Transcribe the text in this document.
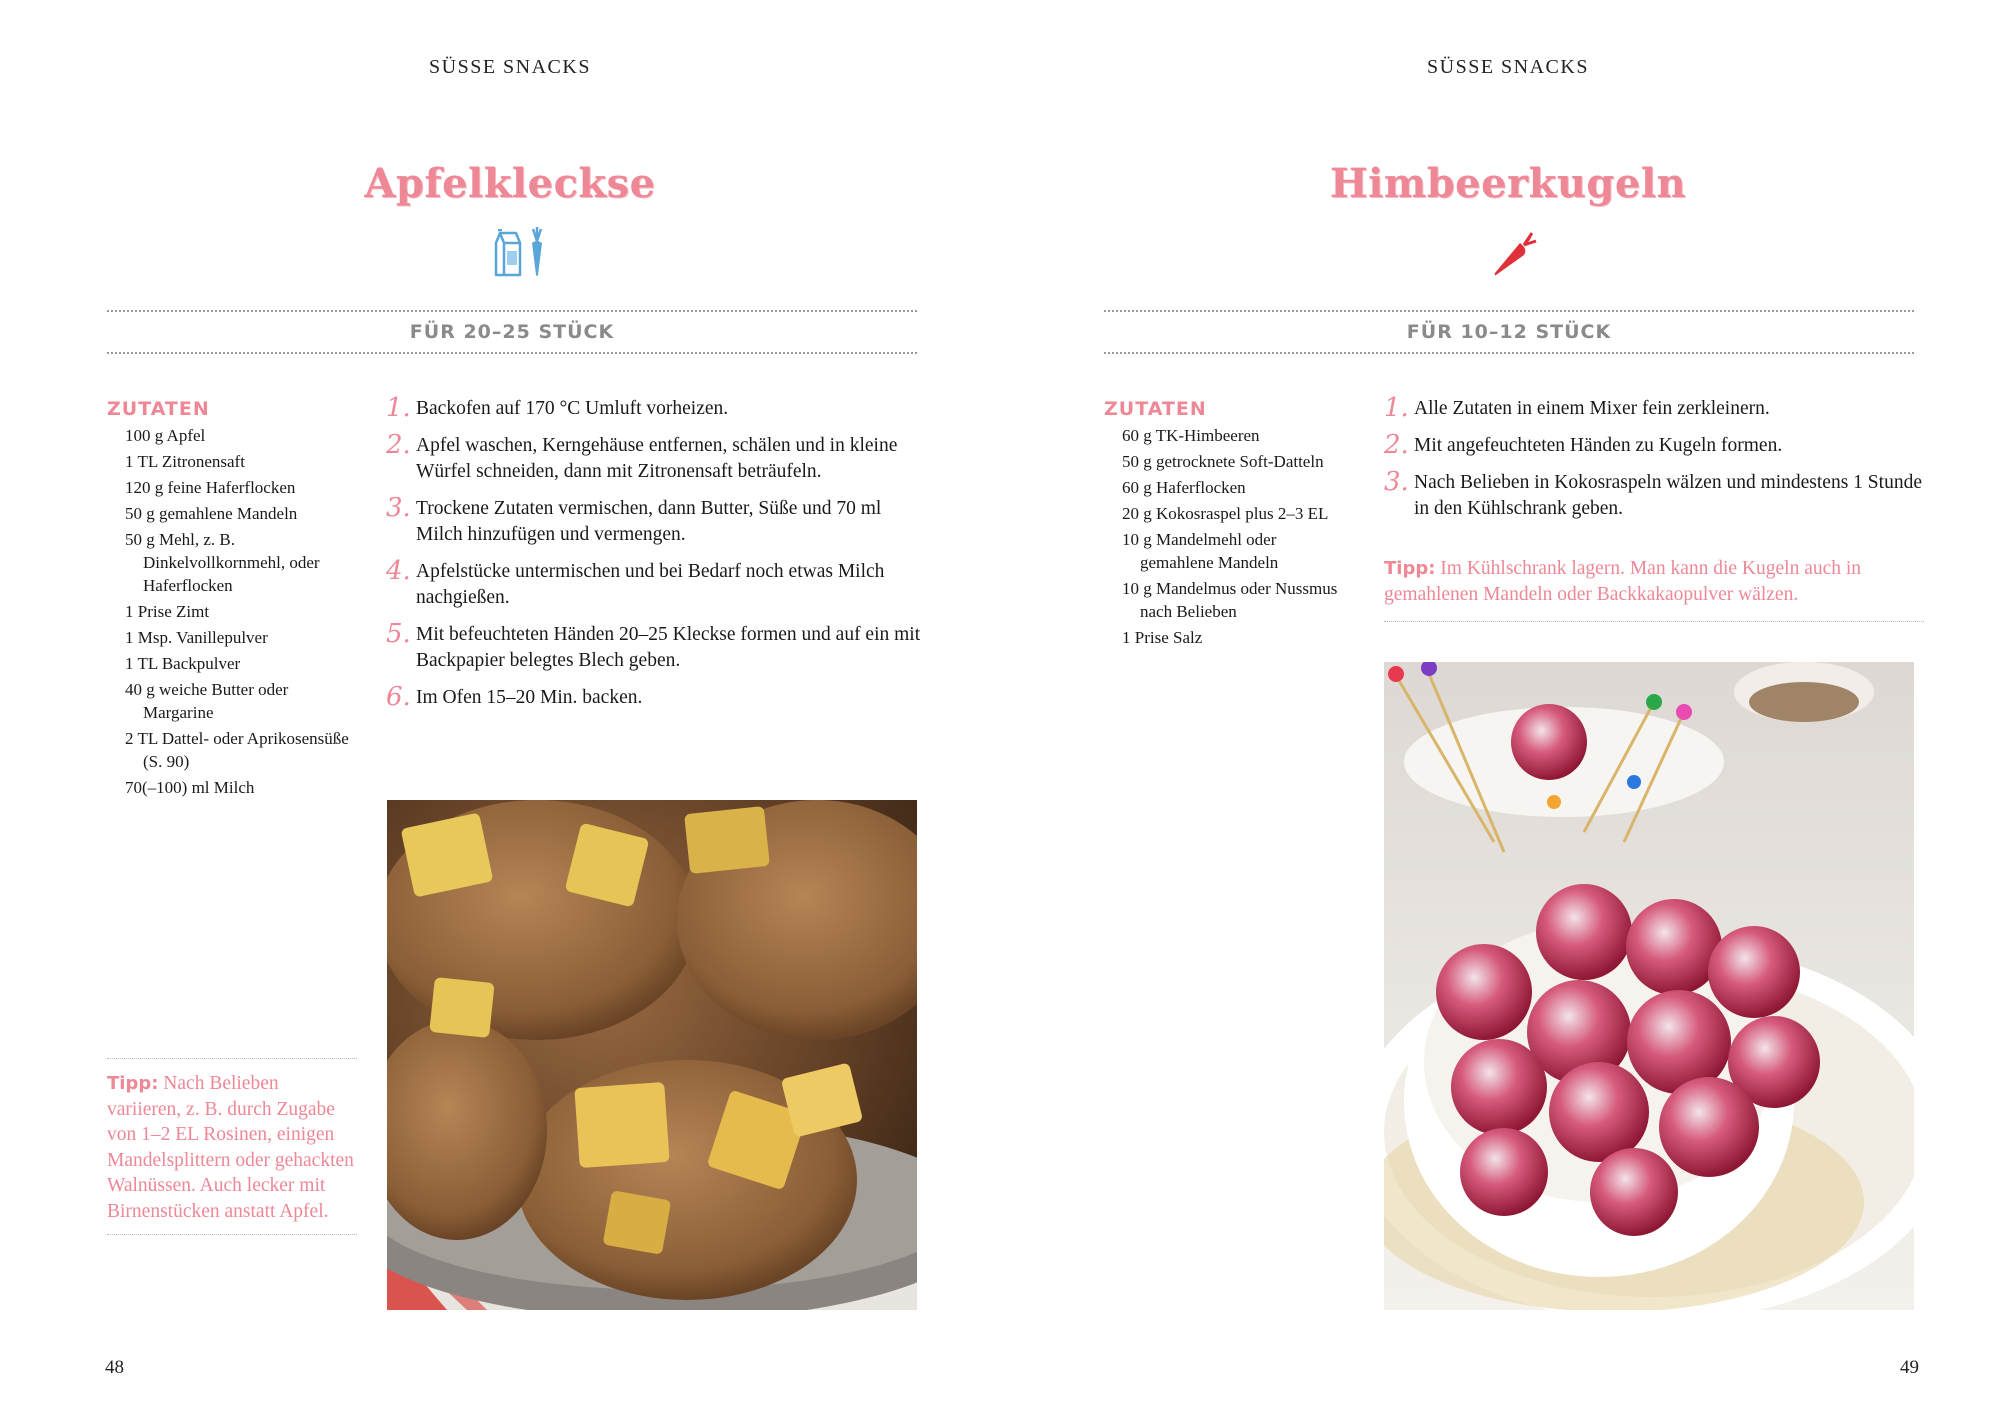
SÜSSE SNACKS
Apfelkleckse
FÜR 20–25 STÜCK
ZUTATEN
100 g Apfel
1 TL Zitronensaft
120 g feine Haferflocken
50 g gemahlene Mandeln
50 g Mehl, z. B. Dinkelvollkornmehl, oder Haferflocken
1 Prise Zimt
1 Msp. Vanillepulver
1 TL Backpulver
40 g weiche Butter oder Margarine
2 TL Dattel- oder Aprikosensüße (S. 90)
70(–100) ml Milch
1. Backofen auf 170 °C Umluft vorheizen.
2. Apfel waschen, Kerngehäuse entfernen, schälen und in kleine Würfel schneiden, dann mit Zitronensaft beträufeln.
3. Trockene Zutaten vermischen, dann Butter, Süße und 70 ml Milch hinzufügen und vermengen.
4. Apfelstücke untermischen und bei Bedarf noch etwas Milch nachgießen.
5. Mit befeuchteten Händen 20–25 Kleckse formen und auf ein mit Backpapier belegtes Blech geben.
6. Im Ofen 15–20 Min. backen.
Tipp: Nach Belieben variieren, z. B. durch Zugabe von 1–2 EL Rosinen, einigen Mandelsplittern oder gehackten Walnüssen. Auch lecker mit Birnenstücken anstatt Apfel.
48
SÜSSE SNACKS
Himbeerkugeln
FÜR 10–12 STÜCK
ZUTATEN
60 g TK-Himbeeren
50 g getrocknete Soft-Datteln
60 g Haferflocken
20 g Kokosraspel plus 2–3 EL
10 g Mandelmehl oder gemahlene Mandeln
10 g Mandelmus oder Nussmus nach Belieben
1 Prise Salz
1. Alle Zutaten in einem Mixer fein zerkleinern.
2. Mit angefeuchteten Händen zu Kugeln formen.
3. Nach Belieben in Kokosraspeln wälzen und mindestens 1 Stunde in den Kühlschrank geben.
Tipp: Im Kühlschrank lagern. Man kann die Kugeln auch in gemahlenen Mandeln oder Backkakaopulver wälzen.
49
